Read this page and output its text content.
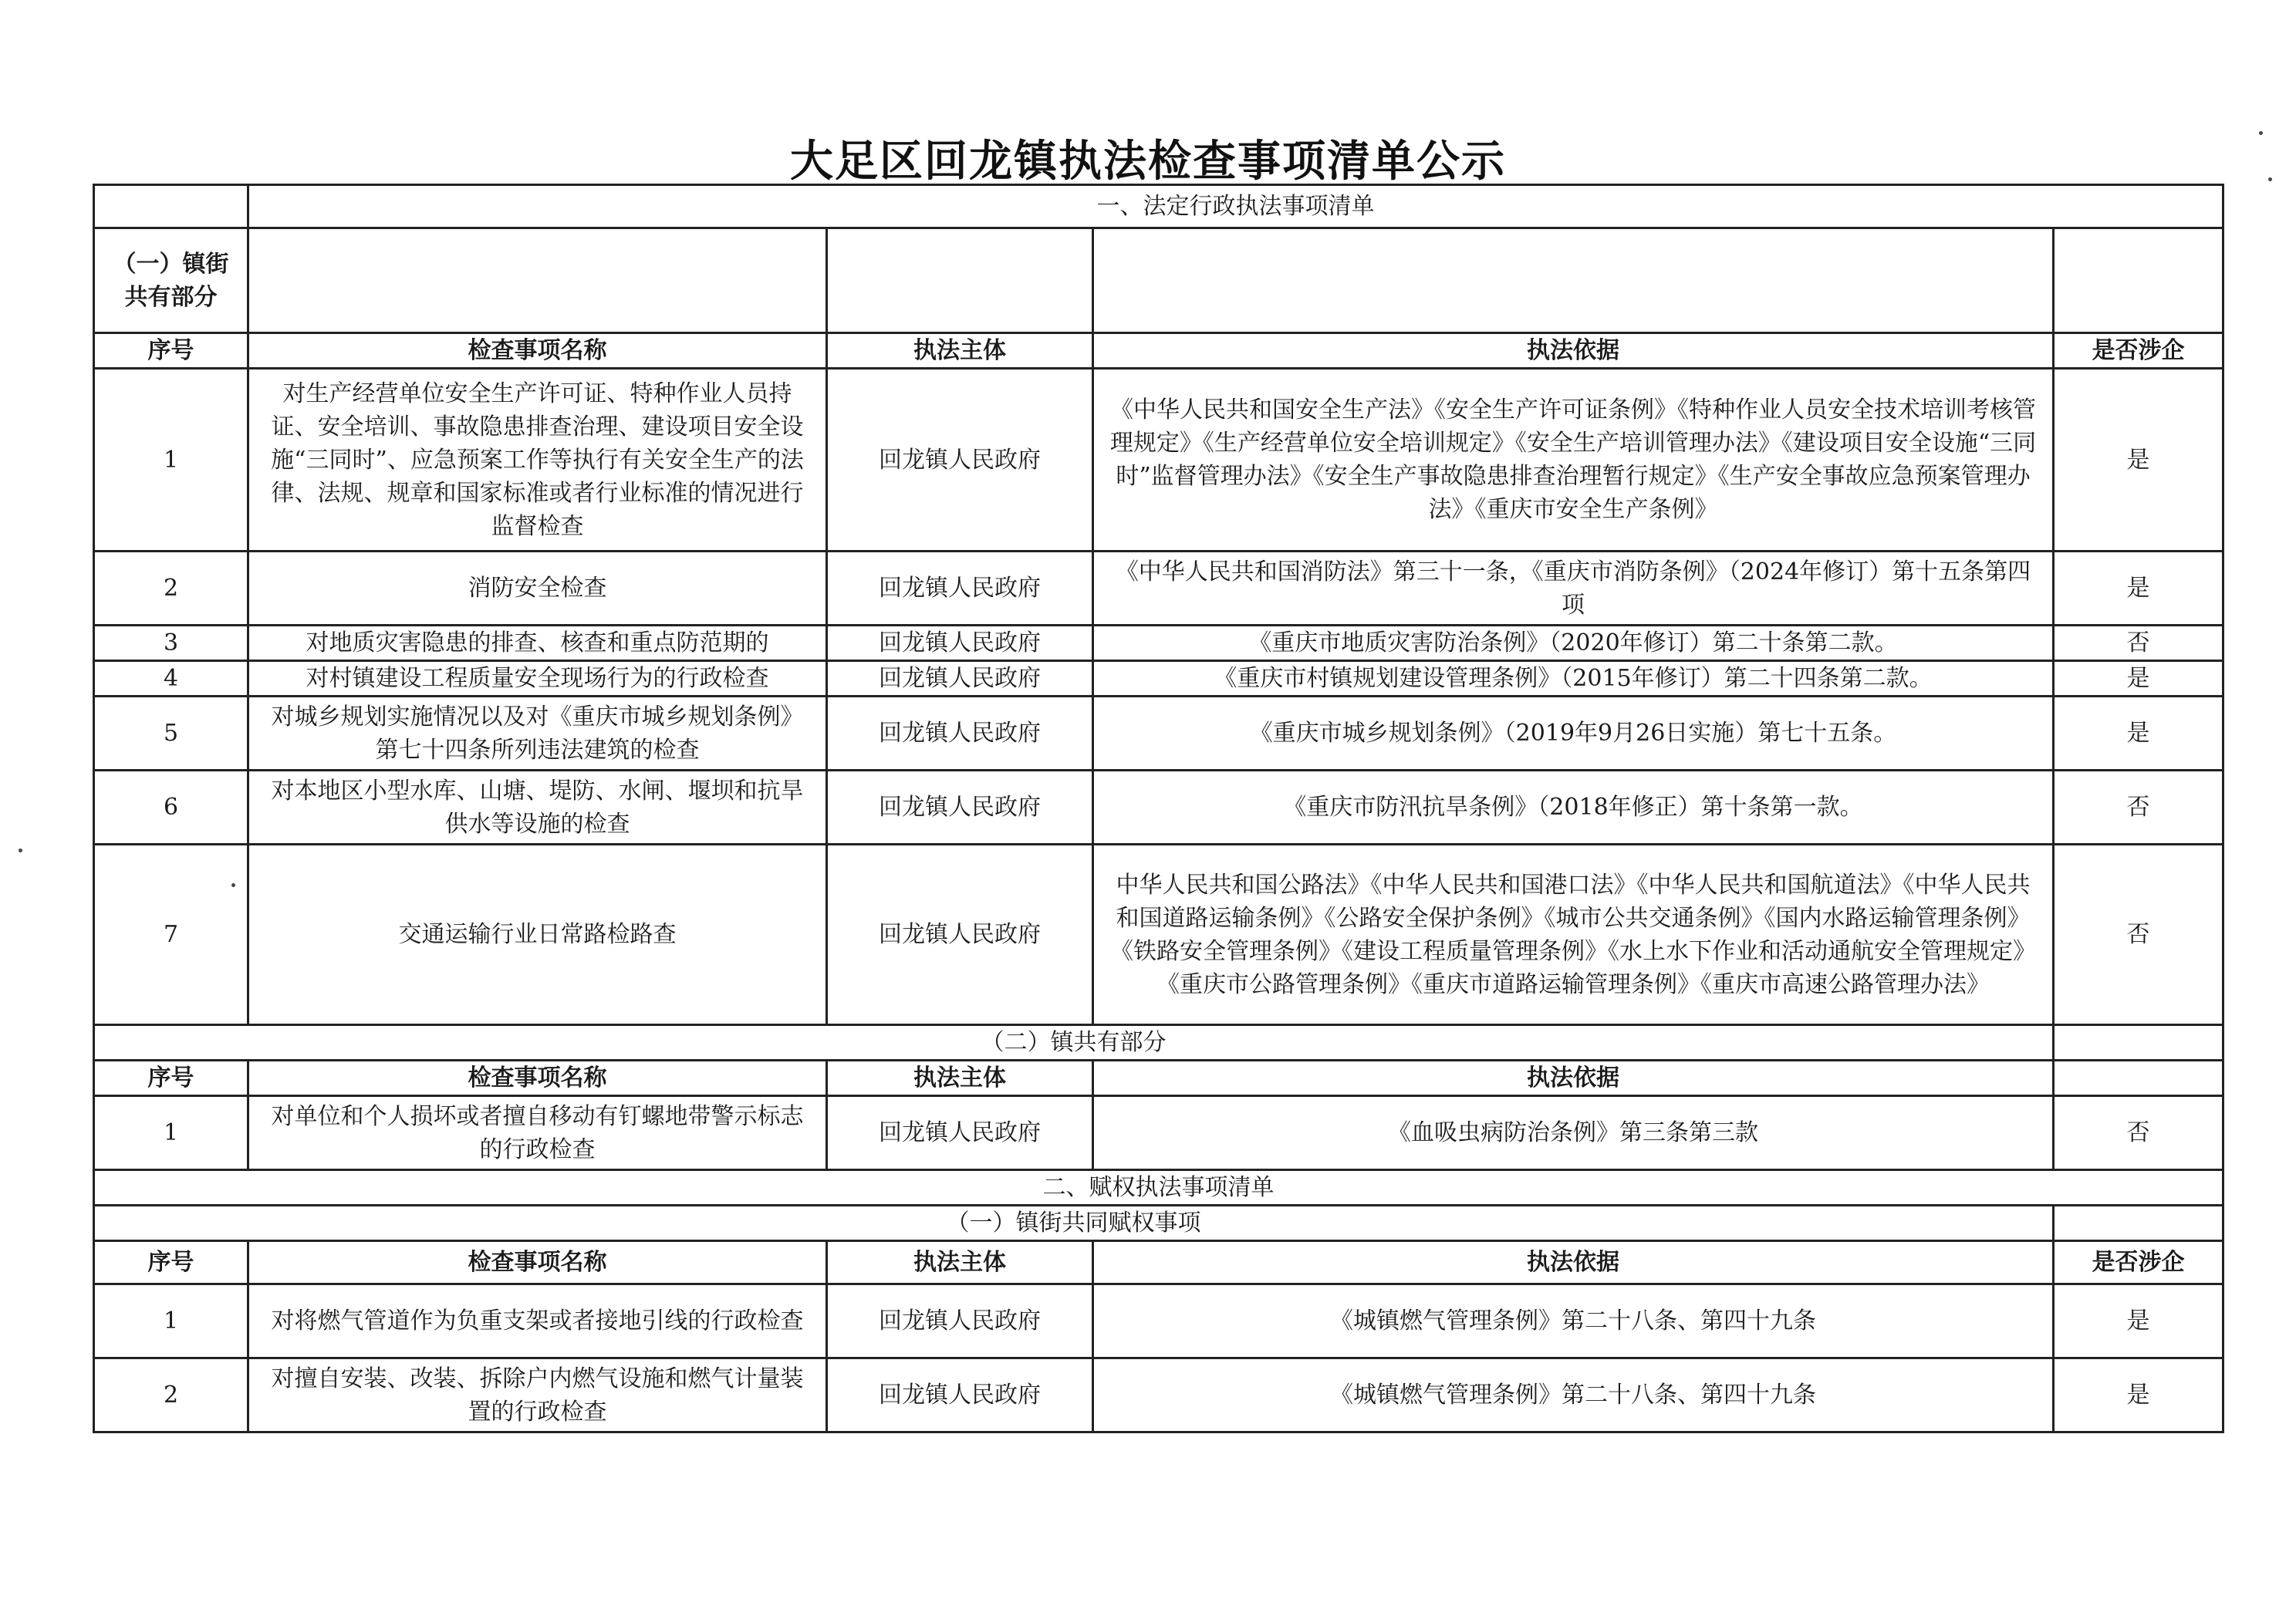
大足区回龙镇执法检查事项清单公示
	一、法定行政执法事项清单			
（一）镇街共有部分				
序号	检查事项名称	执法主体	执法依据	是否涉企
1	对生产经营单位安全生产许可证、特种作业人员持证、安全培训、事故隐患排查治理、建设项目安全设施“三同时”、应急预案工作等执行有关安全生产的法律、法规、规章和国家标准或者行业标准的情况进行监督检查	回龙镇人民政府	《中华人民共和国安全生产法》《安全生产许可证条例》《特种作业人员安全技术培训考核管理规定》《生产经营单位安全培训规定》《安全生产培训管理办法》《建设项目安全设施“三同时”监督管理办法》《安全生产事故隐患排查治理暂行规定》《生产安全事故应急预案管理办法》《重庆市安全生产条例》	是
2	消防安全检查	回龙镇人民政府	《中华人民共和国消防法》第三十一条，《重庆市消防条例》（2024年修订）第十五条第四项	是
3	对地质灾害隐患的排查、核查和重点防范期的	回龙镇人民政府	《重庆市地质灾害防治条例》（2020年修订）第二十条第二款。	否
4	对村镇建设工程质量安全现场行为的行政检查	回龙镇人民政府	《重庆市村镇规划建设管理条例》（2015年修订）第二十四条第二款。	是
5	对城乡规划实施情况以及对《重庆市城乡规划条例》第七十四条所列违法建筑的检查	回龙镇人民政府	《重庆市城乡规划条例》（2019年9月26日实施）第七十五条。	是
6	对本地区小型水库、山塘、堤防、水闸、堰坝和抗旱供水等设施的检查	回龙镇人民政府	《重庆市防汛抗旱条例》（2018年修正）第十条第一款。	否
7	交通运输行业日常路检路查	回龙镇人民政府	中华人民共和国公路法》《中华人民共和国港口法》《中华人民共和国航道法》《中华人民共和国道路运输条例》《公路安全保护条例》《城市公共交通条例》《国内水路运输管理条例》《铁路安全管理条例》《建设工程质量管理条例》《水上水下作业和活动通航安全管理规定》《重庆市公路管理条例》《重庆市道路运输管理条例》《重庆市高速公路管理办法》	否
（二）镇共有部分				
序号	检查事项名称	执法主体	执法依据	
1	对单位和个人损坏或者擅自移动有钉螺地带警示标志的行政检查	回龙镇人民政府	《血吸虫病防治条例》第三条第三款	否
二、赋权执法事项清单				
（一）镇街共同赋权事项				
序号	检查事项名称	执法主体	执法依据	是否涉企
1	对将燃气管道作为负重支架或者接地引线的行政检查	回龙镇人民政府	《城镇燃气管理条例》第二十八条、第四十九条	是
2	对擅自安装、改装、拆除户内燃气设施和燃气计量装置的行政检查	回龙镇人民政府	《城镇燃气管理条例》第二十八条、第四十九条	是
